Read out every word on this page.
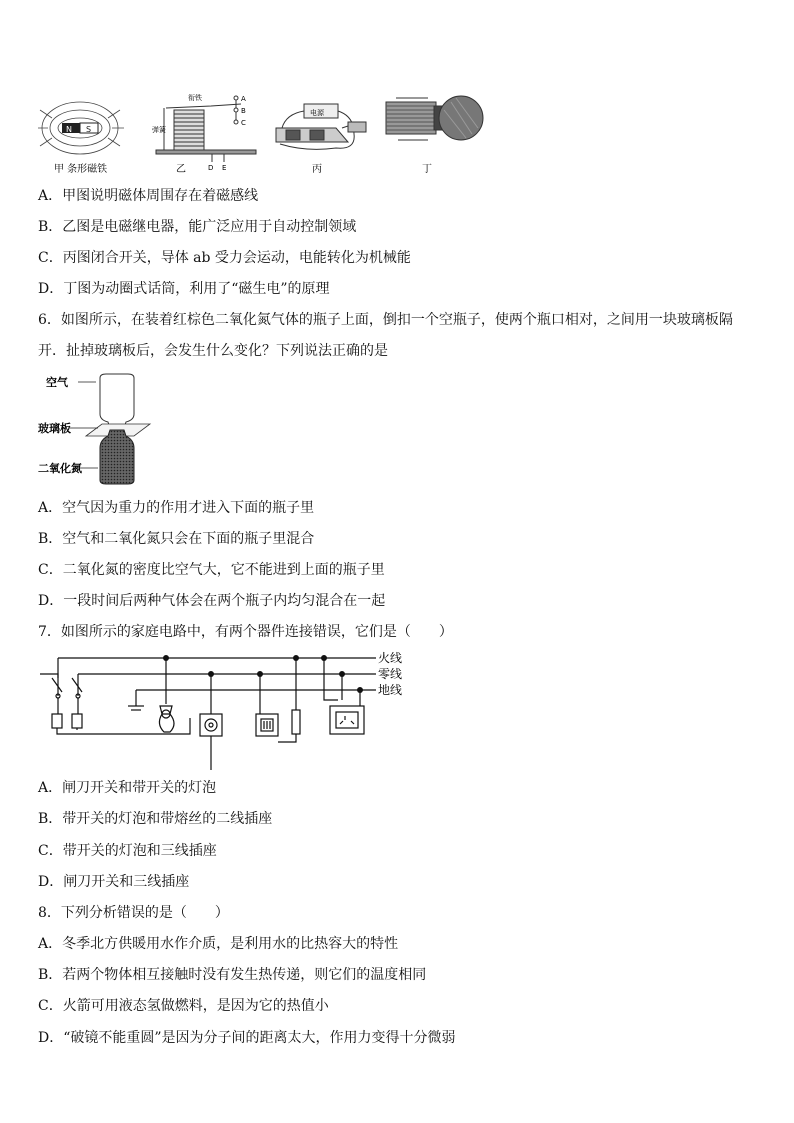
N S
甲 条形磁铁
衔铁
弹簧
A
B
C
D E
乙
电源
丙	丁
A．甲图说明磁体周围存在着磁感线
B．乙图是电磁继电器，能广泛应用于自动控制领域
C．丙图闭合开关，导体 ab 受力会运动，电能转化为机械能
D．丁图为动圈式话筒，利用了“磁生电”的原理
6．如图所示，在装着红棕色二氧化氮气体的瓶子上面，倒扣一个空瓶子，使两个瓶口相对，之间用一块玻璃板隔
开．扯掉玻璃板后，会发生什么变化？下列说法正确的是
空气
玻璃板
二氧化氮
A．空气因为重力的作用才进入下面的瓶子里
B．空气和二氧化氮只会在下面的瓶子里混合
C．二氧化氮的密度比空气大，它不能进到上面的瓶子里
D．一段时间后两种气体会在两个瓶子内均匀混合在一起
7．如图所示的家庭电路中，有两个器件连接错误，它们是（　　）
火线
零线
地线
A．闸刀开关和带开关的灯泡
B．带开关的灯泡和带熔丝的二线插座
C．带开关的灯泡和三线插座
D．闸刀开关和三线插座
8．下列分析错误的是（　　）
A．冬季北方供暖用水作介质，是利用水的比热容大的特性
B．若两个物体相互接触时没有发生热传递，则它们的温度相同
C．火箭可用液态氢做燃料，是因为它的热值小
D．“破镜不能重圆”是因为分子间的距离太大，作用力变得十分微弱
